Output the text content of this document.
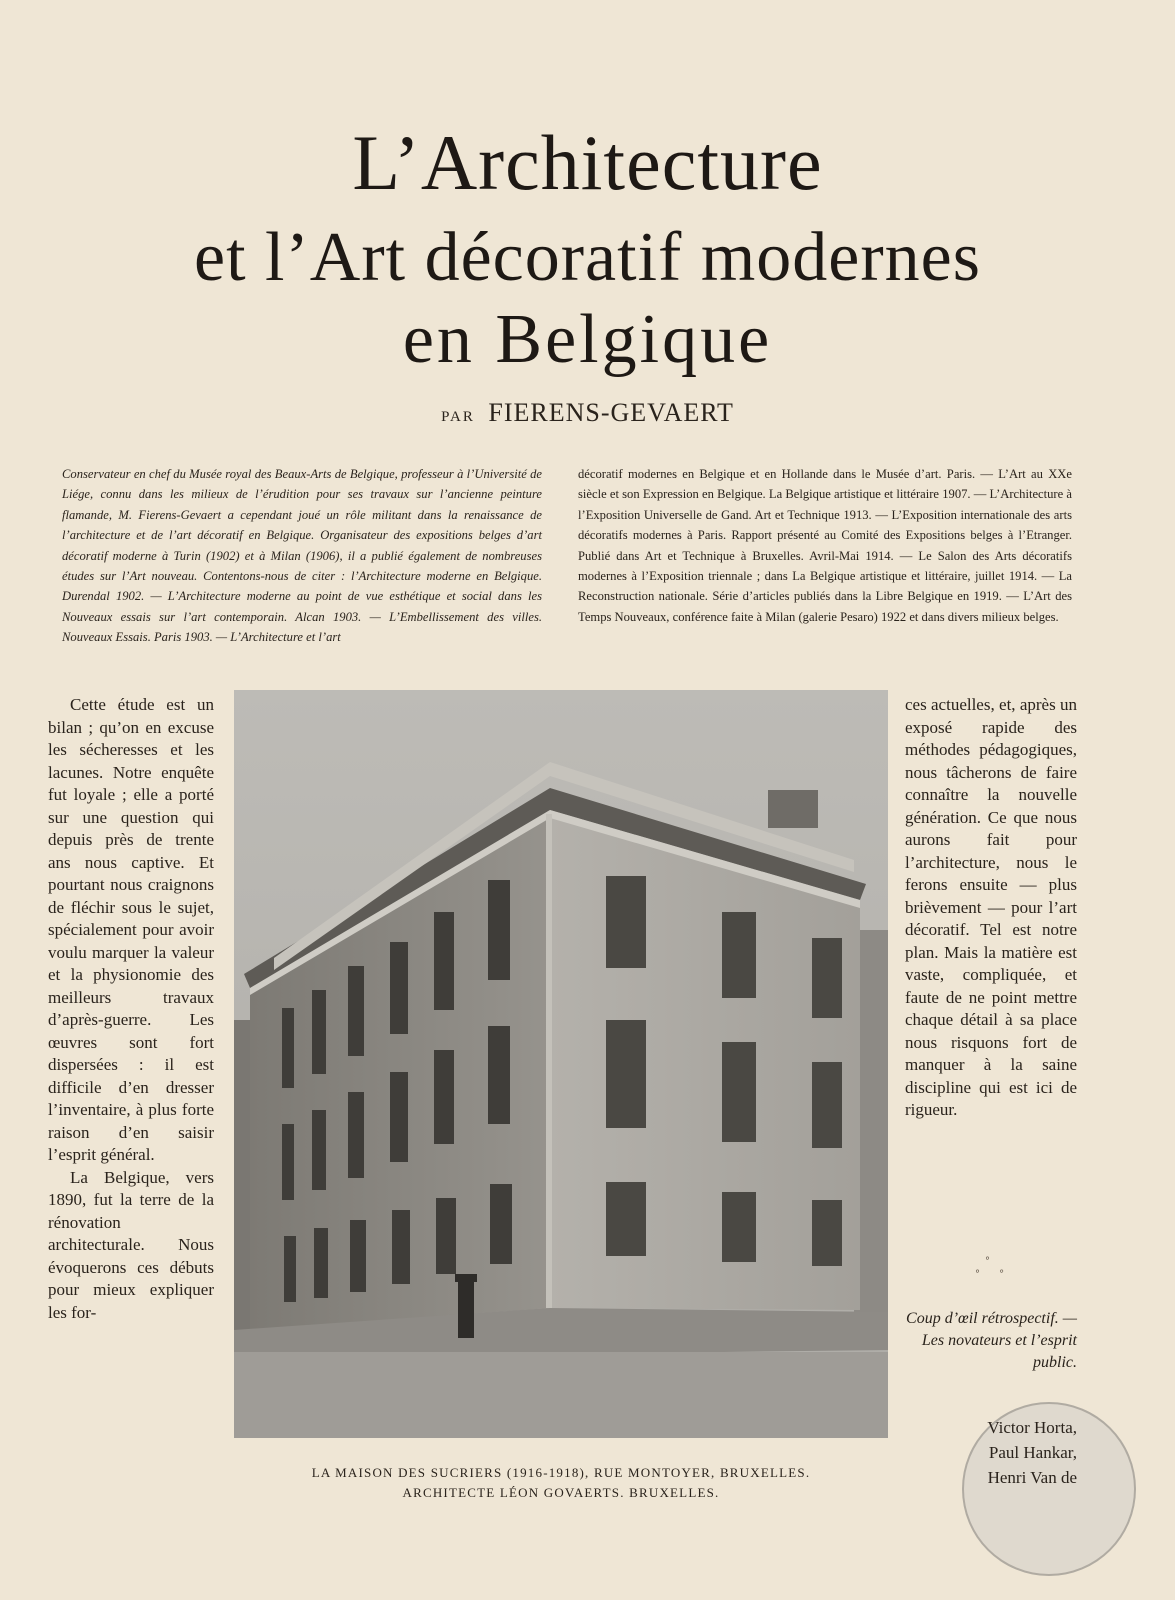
L’Architecture
et l’Art décoratif modernes
en Belgique
PAR FIERENS-GEVAERT

Conservateur en chef du Musée royal des Beaux-Arts de Belgique, professeur à l’Université de Liége, connu dans les milieux de l’érudition pour ses travaux sur l’ancienne peinture flamande, M. Fierens-Gevaert a cependant joué un rôle militant dans la renaissance de l’architecture et de l’art décoratif en Belgique. Organisateur des expositions belges d’art décoratif moderne à Turin (1902) et à Milan (1906), il a publié également de nombreuses études sur l’Art nouveau. Contentons-nous de citer : l’Architecture moderne en Belgique. Durendal 1902. — L’Architecture moderne au point de vue esthétique et social dans les Nouveaux essais sur l’art contemporain. Alcan 1903. — L’Embellissement des villes. Nouveaux Essais. Paris 1903. — L’Architecture et l’art

décoratif modernes en Belgique et en Hollande dans le Musée d’art. Paris. — L’Art au XXe siècle et son Expression en Belgique. La Belgique artistique et littéraire 1907. — L’Architecture à l’Exposition Universelle de Gand. Art et Technique 1913. — L’Exposition internationale des arts décoratifs modernes à Paris. Rapport présenté au Comité des Expositions belges à l’Etranger. Publié dans Art et Technique à Bruxelles. Avril-Mai 1914. — Le Salon des Arts décoratifs modernes à l’Exposition triennale ; dans La Belgique artistique et littéraire, juillet 1914. — La Reconstruction nationale. Série d’articles publiés dans la Libre Belgique en 1919. — L’Art des Temps Nouveaux, conférence faite à Milan (galerie Pesaro) 1922 et dans divers milieux belges.

Cette étude est un bilan ; qu’on en excuse les sécheresses et les lacunes. Notre enquête fut loyale ; elle a porté sur une question qui depuis près de trente ans nous captive. Et pourtant nous craignons de fléchir sous le sujet, spécialement pour avoir voulu marquer la valeur et la physionomie des meilleurs travaux d’après-guerre. Les œuvres sont fort dispersées : il est difficile d’en dresser l’inventaire, à plus forte raison d’en saisir l’esprit général.

La Belgique, vers 1890, fut la terre de la rénovation architecturale. Nous évoquerons ces débuts pour mieux expliquer les for-

LA MAISON DES SUCRIERS (1916-1918), RUE MONTOYER, BRUXELLES.
ARCHITECTE LÉON GOVAERTS. BRUXELLES.

ces actuelles, et, après un exposé rapide des méthodes pédagogiques, nous tâcherons de faire connaître la nouvelle génération. Ce que nous aurons fait pour l’architecture, nous le ferons ensuite — plus brièvement — pour l’art décoratif. Tel est notre plan. Mais la matière est vaste, compliquée, et faute de ne point mettre chaque détail à sa place nous risquons fort de manquer à la saine discipline qui est ici de rigueur.

°
° °

Coup d’œil rétrospectif. — Les novateurs et l’esprit public.

Victor Horta,
Paul Hankar,
Henri Van de
